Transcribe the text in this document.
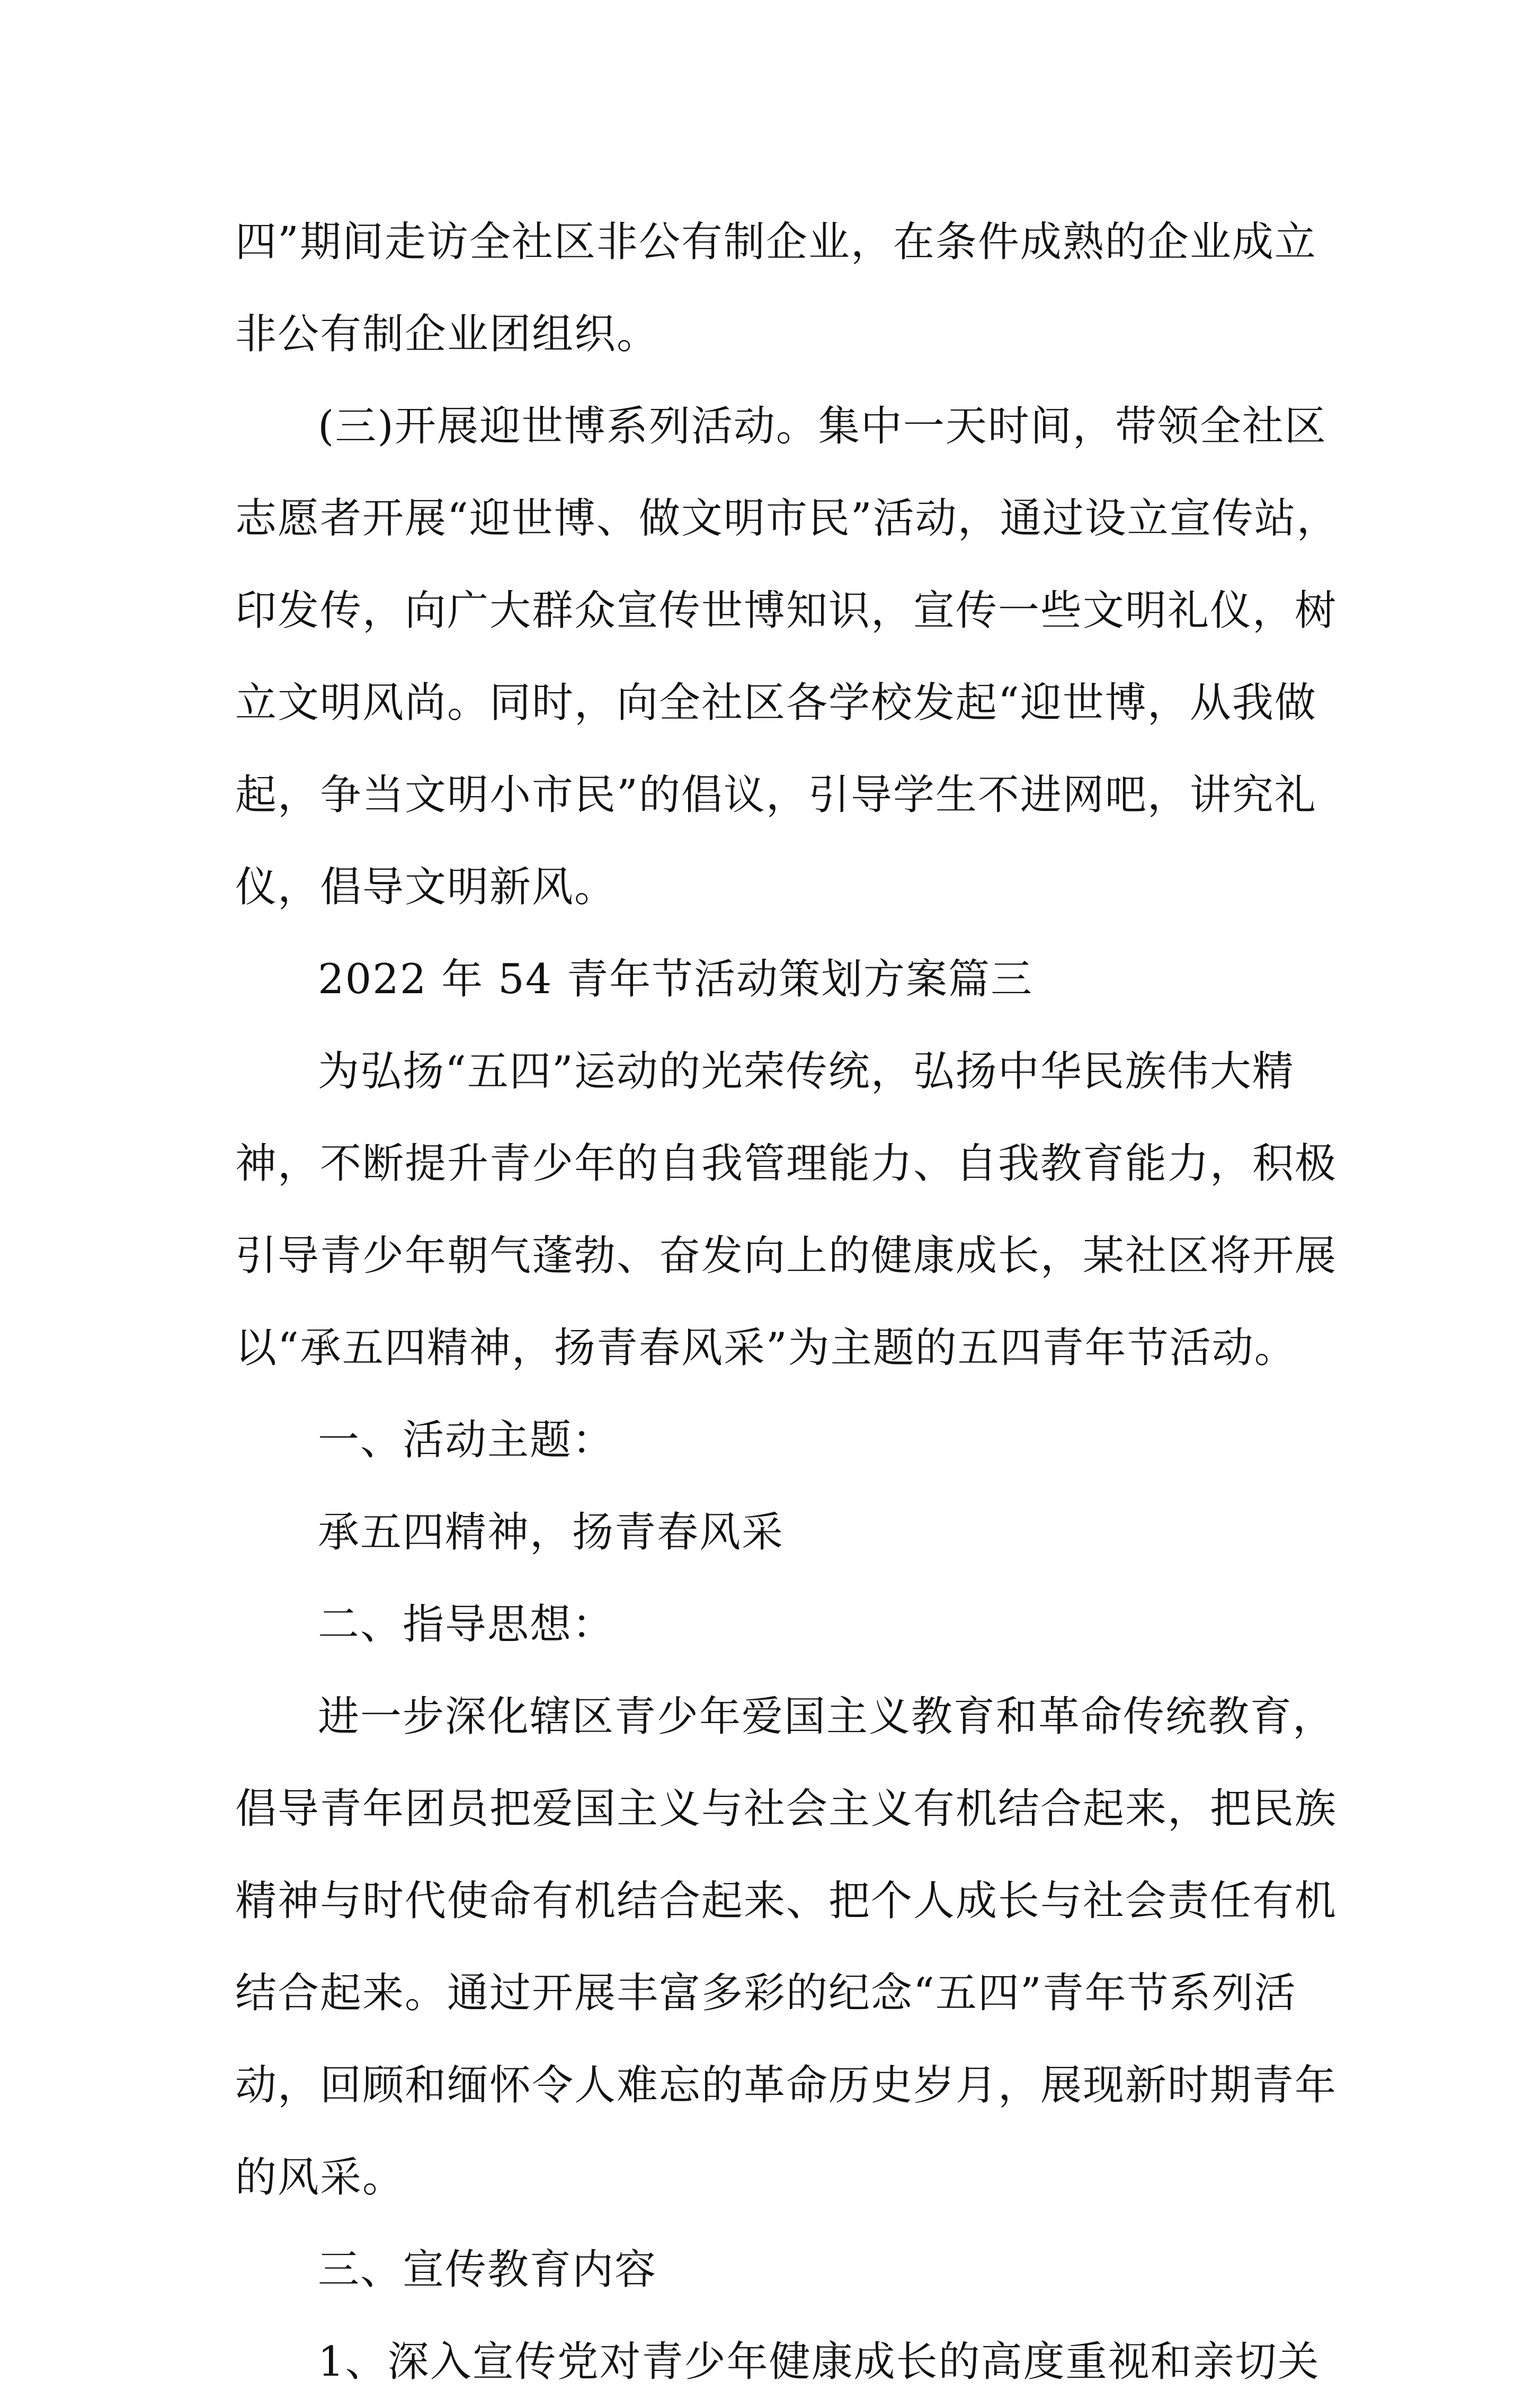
四”期间走访全社区非公有制企业，在条件成熟的企业成立
非公有制企业团组织。
(三)开展迎世博系列活动。集中一天时间，带领全社区
志愿者开展“迎世博、做文明市民”活动，通过设立宣传站，
印发传，向广大群众宣传世博知识，宣传一些文明礼仪，树
立文明风尚。同时，向全社区各学校发起“迎世博，从我做
起，争当文明小市民”的倡议，引导学生不进网吧，讲究礼
仪，倡导文明新风。
2022 年 54 青年节活动策划方案篇三
为弘扬“五四”运动的光荣传统，弘扬中华民族伟大精
神，不断提升青少年的自我管理能力、自我教育能力，积极
引导青少年朝气蓬勃、奋发向上的健康成长，某社区将开展
以“承五四精神，扬青春风采”为主题的五四青年节活动。
一、活动主题：
承五四精神，扬青春风采
二、指导思想：
进一步深化辖区青少年爱国主义教育和革命传统教育，
倡导青年团员把爱国主义与社会主义有机结合起来，把民族
精神与时代使命有机结合起来、把个人成长与社会责任有机
结合起来。通过开展丰富多彩的纪念“五四”青年节系列活
动，回顾和缅怀令人难忘的革命历史岁月，展现新时期青年
的风采。
三、宣传教育内容
1、深入宣传党对青少年健康成长的高度重视和亲切关
